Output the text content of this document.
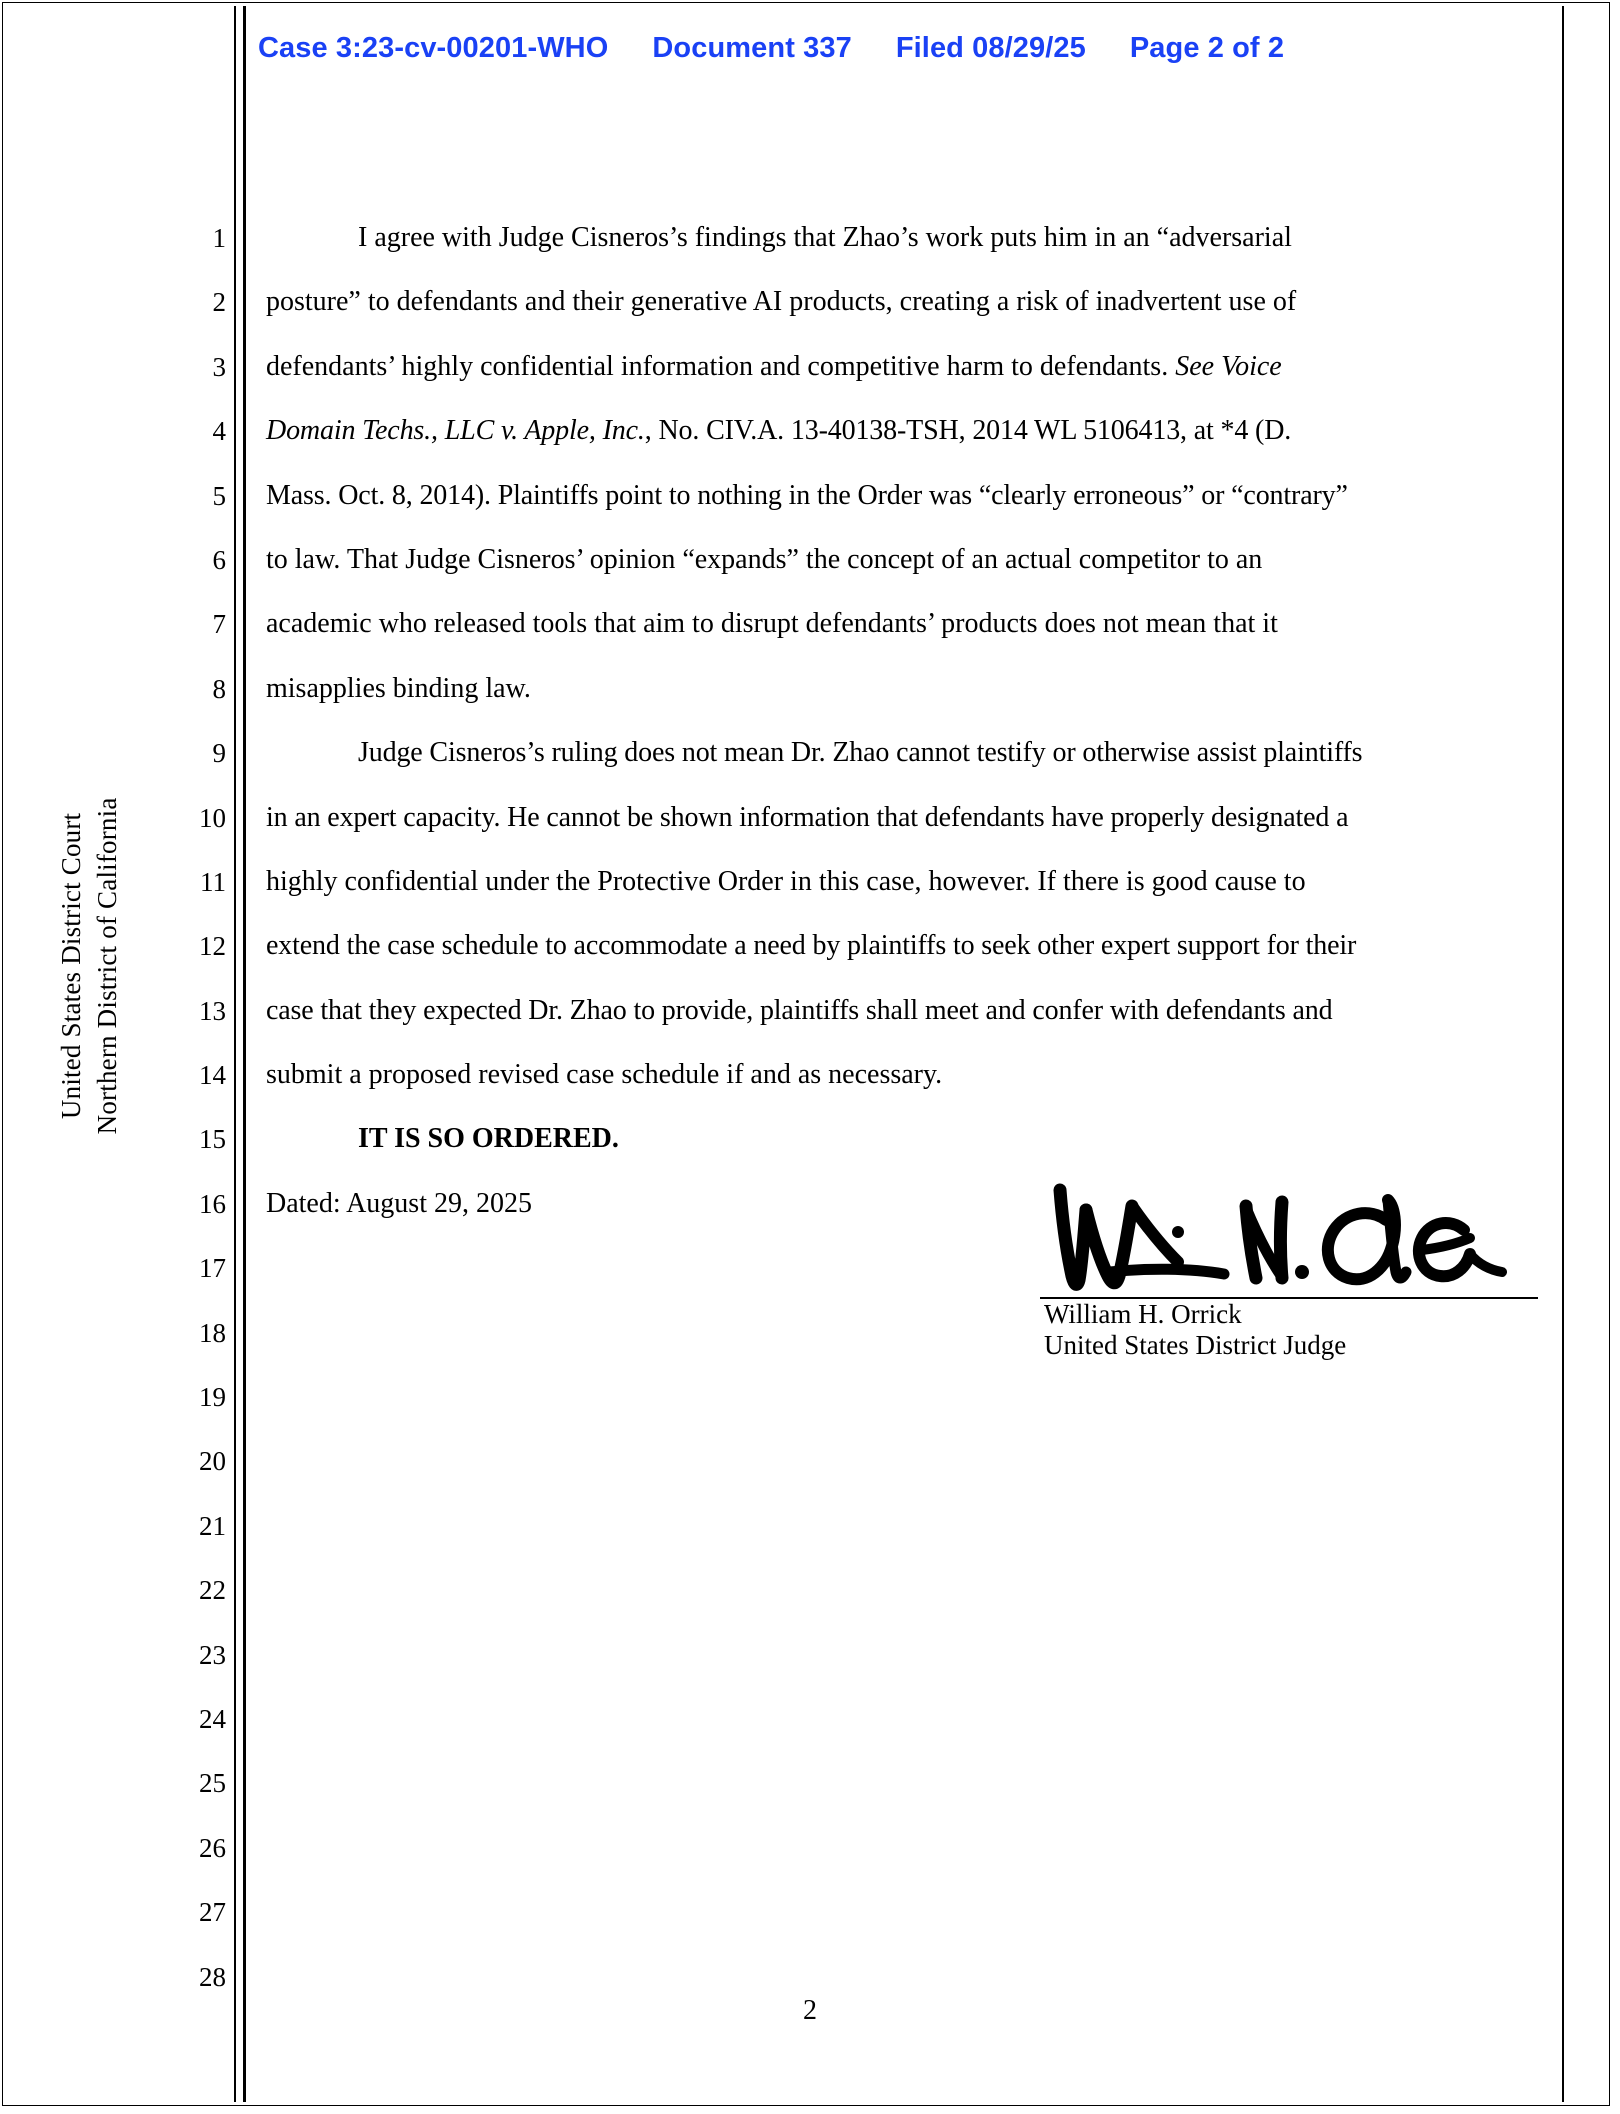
Case 3:23-cv-00201-WHO Document 337 Filed 08/29/25 Page 2 of 2
United States District Court Northern District of California
1
2
3
4
5
6
7
8
9
10
11
12
13
14
15
16
17
18
19
20
21
22
23
24
25
26
27
28
I agree with Judge Cisneros’s findings that Zhao’s work puts him in an “adversarial
posture” to defendants and their generative AI products, creating a risk of inadvertent use of
defendants’ highly confidential information and competitive harm to defendants. See Voice
Domain Techs., LLC v. Apple, Inc., No. CIV.A. 13-40138-TSH, 2014 WL 5106413, at *4 (D.
Mass. Oct. 8, 2014). Plaintiffs point to nothing in the Order was “clearly erroneous” or “contrary”
to law. That Judge Cisneros’ opinion “expands” the concept of an actual competitor to an
academic who released tools that aim to disrupt defendants’ products does not mean that it
misapplies binding law.
Judge Cisneros’s ruling does not mean Dr. Zhao cannot testify or otherwise assist plaintiffs
in an expert capacity. He cannot be shown information that defendants have properly designated a
highly confidential under the Protective Order in this case, however. If there is good cause to
extend the case schedule to accommodate a need by plaintiffs to seek other expert support for their
case that they expected Dr. Zhao to provide, plaintiffs shall meet and confer with defendants and
submit a proposed revised case schedule if and as necessary.
IT IS SO ORDERED.
Dated: August 29, 2025
William H. Orrick
United States District Judge
2
